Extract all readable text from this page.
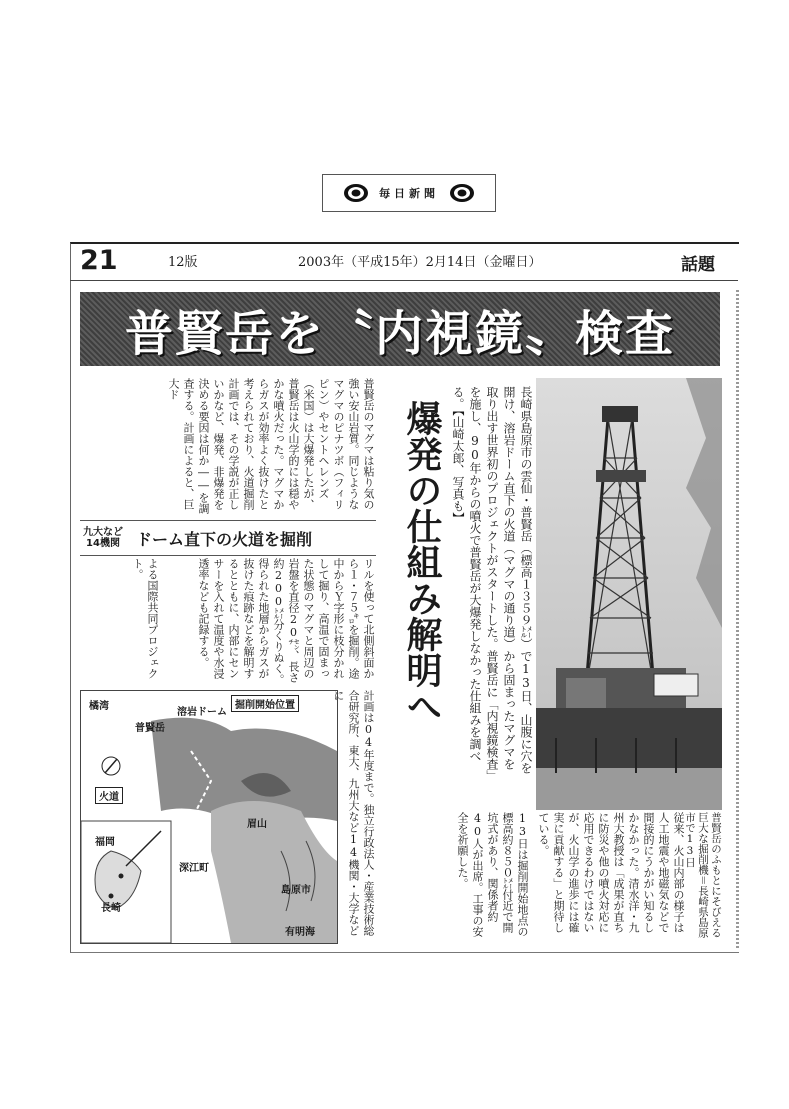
毎日新聞
21	12版	2003年（平成15年）2月14日（金曜日）	話題
普賢岳を〝内視鏡〟検査
長崎県島原市の雲仙・普賢岳（標高１３５９㍍）で13日、山腹に穴を開け、溶岩ドーム直下の火道（マグマの通り道）から固まったマグマを取り出す世界初のプロジェクトがスタートした。普賢岳に「内視鏡検査」を施し、90年からの噴火で普賢岳が大爆発しなかった仕組みを調べる。【山崎太郎、写真も】
爆発の仕組み解明へ
普賢岳のふもとにそびえる巨大な掘削機＝長崎県島原市で13日
従来、火山内部の様子は人工地震や地磁気などで間接的にうかがい知るしかなかった。清水洋・九州大教授は「成果が直ちに防災や他の噴火対応に応用できるわけではないが、火山学の進歩には確実に貢献する」と期待している。
13日は掘削開始地点の標高約８５０㍍付近で開坑式があり、関係者約40人が出席。工事の安全を祈願した。
普賢岳のマグマは粘り気の強い安山岩質。同じようなマグマのピナツボ（フィリピン）やセントヘレンズ（米国）は大爆発したが、普賢岳は火山学的には穏やかな噴火だった。マグマからガスが効率よく抜けたと考えられており、火道掘削計画では、その学説が正しいかなど、爆発、非爆発を決める要因は何か――を調査する。計画によると、巨大ド
九大など14機関	ドーム直下の火道を掘削
リルを使って北側斜面から１・７５㌔を掘削。途中からＹ字形に枝分かれして掘り、高温で固まった状態のマグマと周辺の岩盤を直径20㌢、長さ約200㍍分くりぬく。得られた地層からガスが抜けた痕跡などを解明するとともに、内部にセンサーを入れて温度や水浸透率なども記録する。
よる国際共同プロジェクト。
橘湾
普賢岳
溶岩ドーム
掘削開始位置
火道
眉山
深江町
島原市
有明海
福岡
長崎	計画は04年度まで。独立行政法人・産業技術総合研究所、東大、九州大など14機関・大学などに
